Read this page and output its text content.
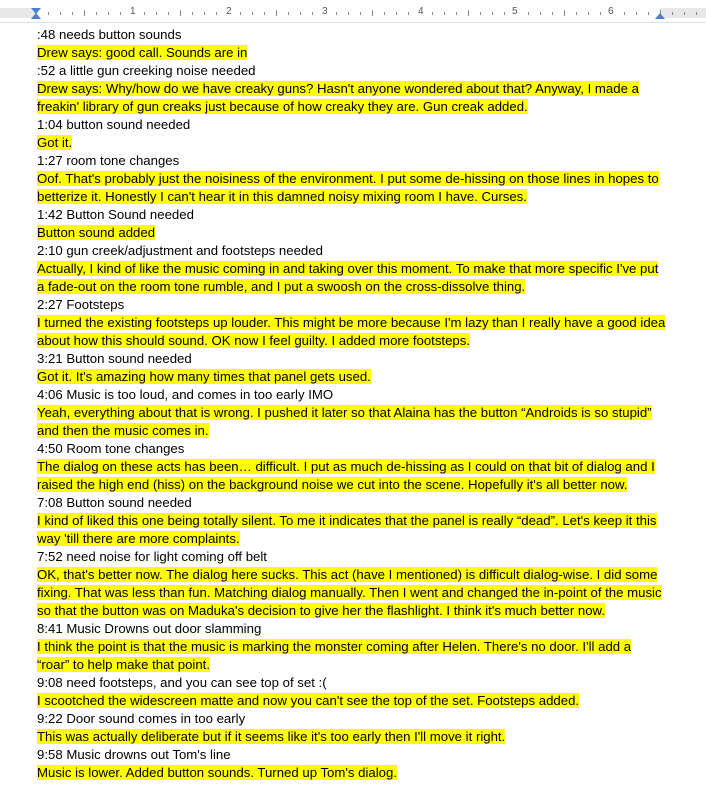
1	2	3	4	5	6
:48 needs button sounds
Drew says: good call. Sounds are in
:52 a little gun creeking noise needed
Drew says: Why/how do we have creaky guns? Hasn't anyone wondered about that? Anyway, I made a
freakin' library of gun creaks just because of how creaky they are. Gun creak added.
1:04 button sound needed
Got it.
1:27 room tone changes
Oof. That's probably just the noisiness of the environment. I put some de-hissing on those lines in hopes to
betterize it. Honestly I can't hear it in this damned noisy mixing room I have. Curses.
1:42 Button Sound needed
Button sound added
2:10 gun creek/adjustment and footsteps needed
Actually, I kind of like the music coming in and taking over this moment. To make that more specific I've put
a fade-out on the room tone rumble, and I put a swoosh on the cross-dissolve thing.
2:27 Footsteps
I turned the existing footsteps up louder. This might be more because I'm lazy than I really have a good idea
about how this should sound. OK now I feel guilty. I added more footsteps.
3:21 Button sound needed
Got it. It's amazing how many times that panel gets used.
4:06 Music is too loud, and comes in too early IMO
Yeah, everything about that is wrong. I pushed it later so that Alaina has the button “Androids is so stupid”
and then the music comes in.
4:50 Room tone changes
The dialog on these acts has been… difficult. I put as much de-hissing as I could on that bit of dialog and I
raised the high end (hiss) on the background noise we cut into the scene. Hopefully it's all better now.
7:08 Button sound needed
I kind of liked this one being totally silent. To me it indicates that the panel is really “dead”. Let's keep it this
way 'till there are more complaints.
7:52 need noise for light coming off belt
OK, that's better now. The dialog here sucks. This act (have I mentioned) is difficult dialog-wise. I did some
fixing. That was less than fun. Matching dialog manually. Then I went and changed the in-point of the music
so that the button was on Maduka's decision to give her the flashlight. I think it's much better now.
8:41 Music Drowns out door slamming
I think the point is that the music is marking the monster coming after Helen. There's no door. I'll add a
“roar” to help make that point.
9:08 need footsteps, and you can see top of set :(
I scootched the widescreen matte and now you can't see the top of the set. Footsteps added.
9:22 Door sound comes in too early
This was actually deliberate but if it seems like it's too early then I'll move it right.
9:58 Music drowns out Tom's line
Music is lower. Added button sounds. Turned up Tom's dialog.
